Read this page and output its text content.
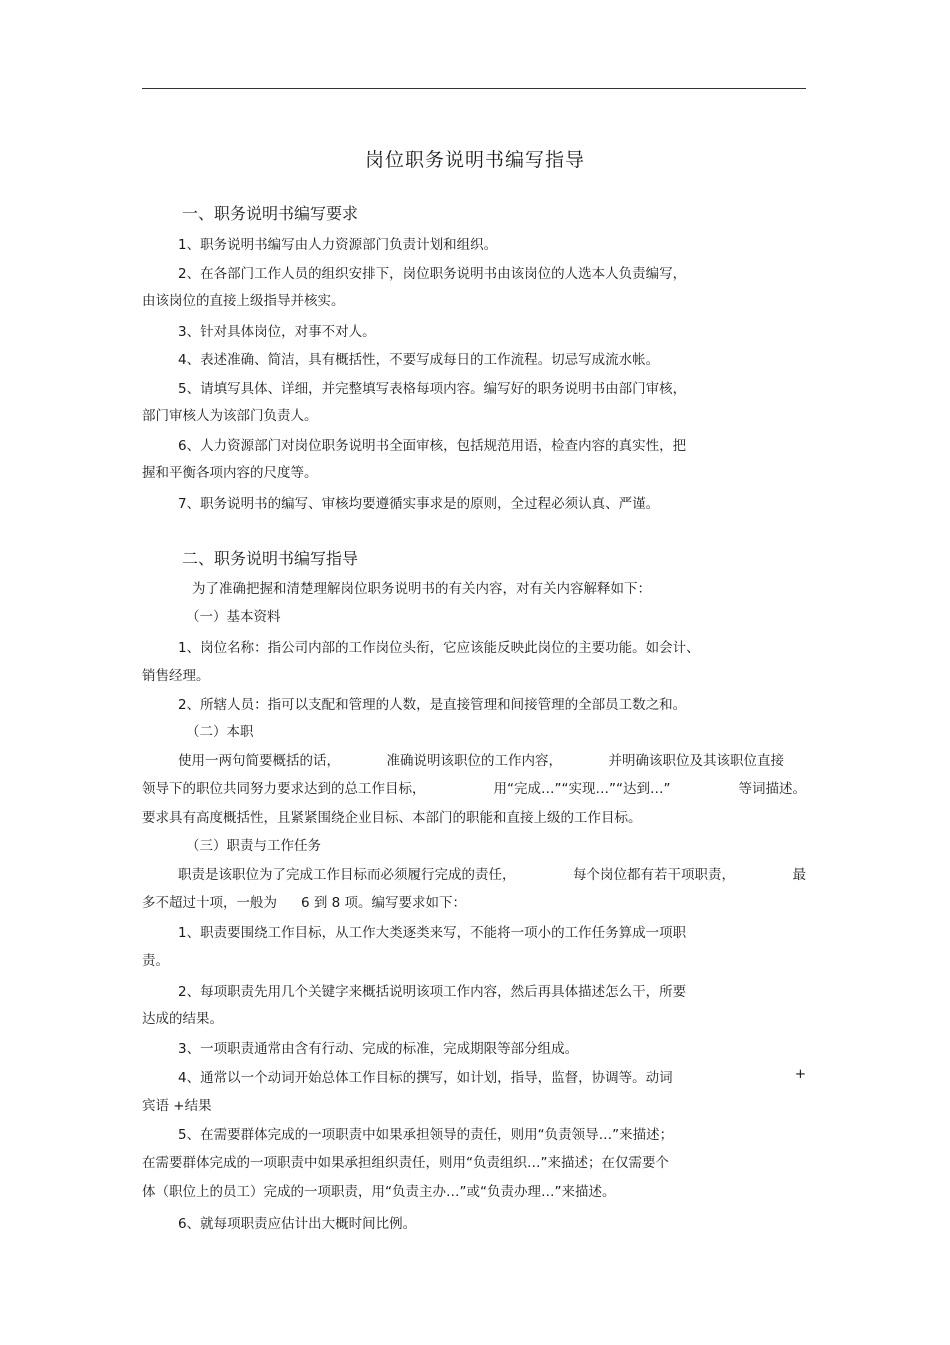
岗位职务说明书编写指导
一、职务说明书编写要求
1、职务说明书编写由人力资源部门负责计划和组织。
2、在各部门工作人员的组织安排下，岗位职务说明书由该岗位的人选本人负责编写，
由该岗位的直接上级指导并核实。
3、针对具体岗位，对事不对人。
4、表述准确、简洁，具有概括性，不要写成每日的工作流程。切忌写成流水帐。
5、请填写具体、详细，并完整填写表格每项内容。编写好的职务说明书由部门审核，
部门审核人为该部门负责人。
6、人力资源部门对岗位职务说明书全面审核，包括规范用语，检查内容的真实性，把
握和平衡各项内容的尺度等。
7、职务说明书的编写、审核均要遵循实事求是的原则，全过程必须认真、严谨。
二、职务说明书编写指导
为了准确把握和清楚理解岗位职务说明书的有关内容，对有关内容解释如下：
（一）基本资料
1、岗位名称：指公司内部的工作岗位头衔，它应该能反映此岗位的主要功能。如会计、
销售经理。
2、所辖人员：指可以支配和管理的人数，是直接管理和间接管理的全部员工数之和。
（二）本职
使用一两句简要概括的话，	准确说明该职位的工作内容，	并明确该职位及其该职位直接
领导下的职位共同努力要求达到的总工作目标，	用“完成…”“实现…”“达到…”	等词描述。
要求具有高度概括性，且紧紧围绕企业目标、本部门的职能和直接上级的工作目标。
（三）职责与工作任务
职责是该职位为了完成工作目标而必须履行完成的责任，	每个岗位都有若干项职责，	最
多不超过十项，一般为 6 到 8 项。编写要求如下：
1、职责要围绕工作目标，从工作大类逐类来写，不能将一项小的工作任务算成一项职
责。
2、每项职责先用几个关键字来概括说明该项工作内容，然后再具体描述怎么干，所要
达成的结果。
3、一项职责通常由含有行动、完成的标准，完成期限等部分组成。
4、通常以一个动词开始总体工作目标的撰写，如计划，指导，监督，协调等。动词	+
宾语 +结果
5、在需要群体完成的一项职责中如果承担领导的责任，则用“负责领导…”来描述；
在需要群体完成的一项职责中如果承担组织责任，则用“负责组织…”来描述；在仅需要个
体（职位上的员工）完成的一项职责，用“负责主办…”或“负责办理…”来描述。
6、就每项职责应估计出大概时间比例。
